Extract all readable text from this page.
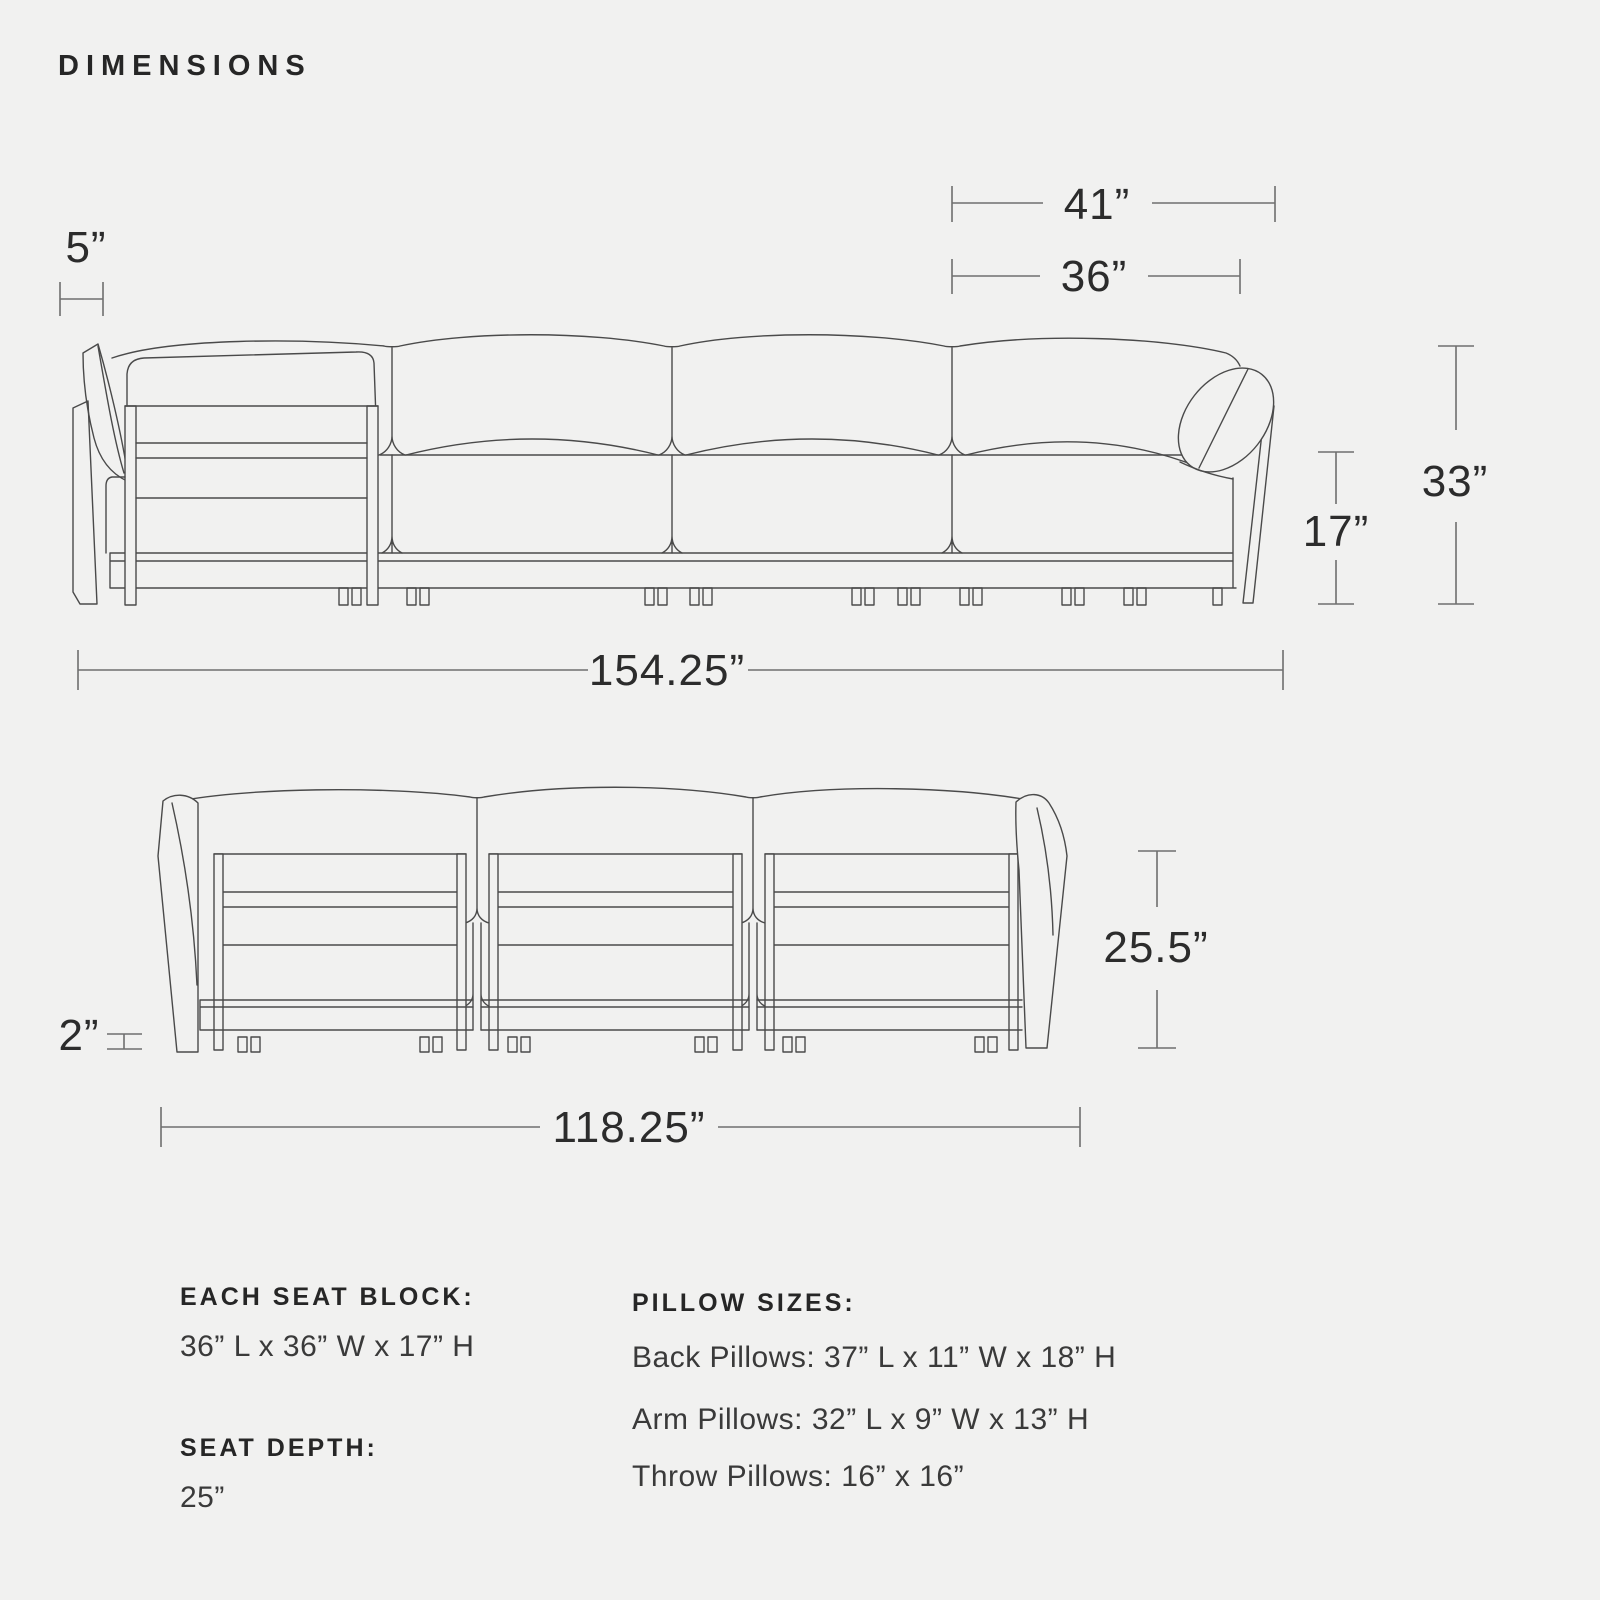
DIMENSIONS
5”
41”
36”
17”
33”
154.25”
25.5”
2”
118.25”
EACH SEAT BLOCK:
36” L x 36” W x 17” H
SEAT DEPTH:
25”
PILLOW SIZES:
Back Pillows: 37” L x 11” W x 18” H
Arm Pillows: 32” L x 9” W x 13” H
Throw Pillows: 16” x 16”
